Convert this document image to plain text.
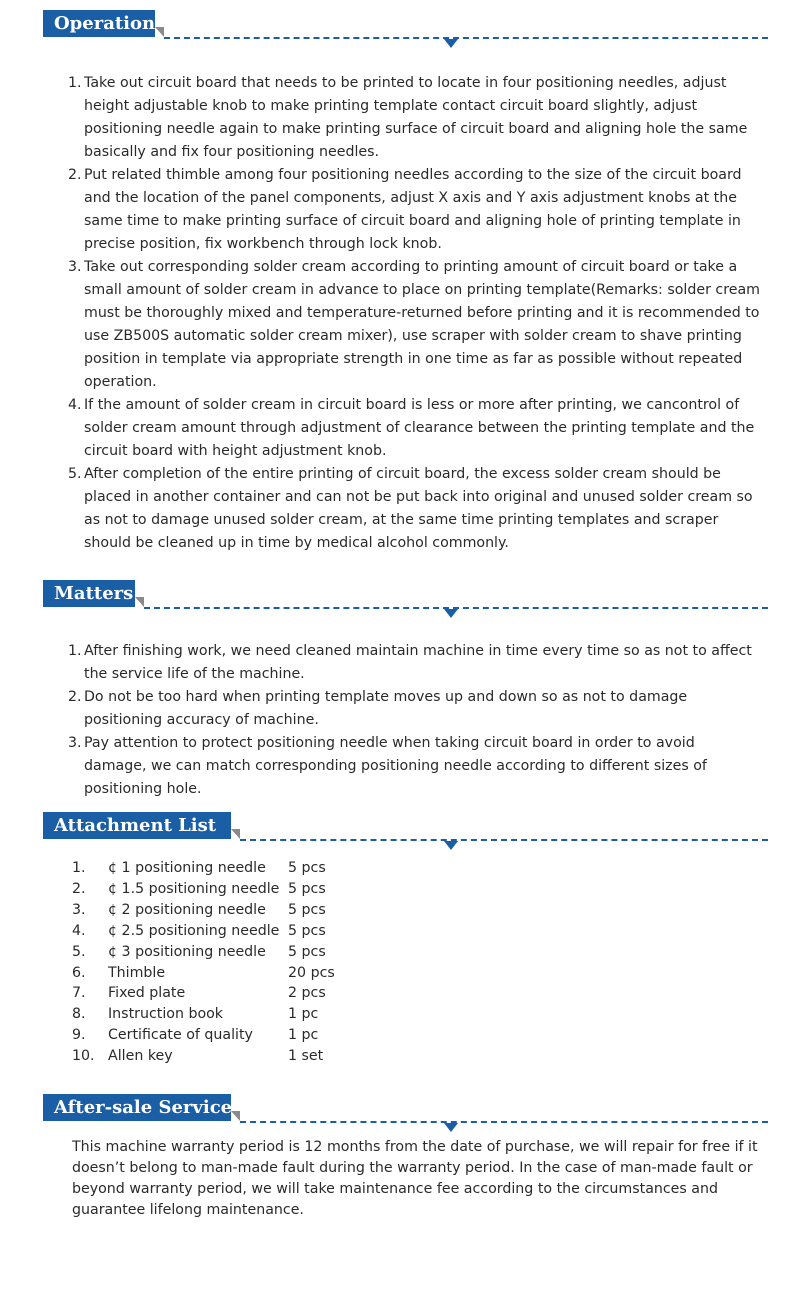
Operation
1. Take out circuit board that needs to be printed to locate in four positioning needles, adjust height adjustable knob to make printing template contact circuit board slightly, adjust positioning needle again to make printing surface of circuit board and aligning hole the same basically and fix four positioning needles.
2. Put related thimble among four positioning needles according to the size of the circuit board and the location of the panel components, adjust X axis and Y axis adjustment knobs at the same time to make printing surface of circuit board and aligning hole of printing template in precise position, fix workbench through lock knob.
3. Take out corresponding solder cream according to printing amount of circuit board or take a small amount of solder cream in advance to place on printing template(Remarks: solder cream must be thoroughly mixed and temperature-returned before printing and it is recommended to use ZB500S automatic solder cream mixer), use scraper with solder cream to shave printing position in template via appropriate strength in one time as far as possible without repeated operation.
4. If the amount of solder cream in circuit board is less or more after printing, we cancontrol of solder cream amount through adjustment of clearance between the printing template and the circuit board with height adjustment knob.
5. After completion of the entire printing of circuit board, the excess solder cream should be placed in another container and can not be put back into original and unused solder cream so as not to damage unused solder cream, at the same time printing templates and scraper should be cleaned up in time by medical alcohol commonly.
Matters
1. After finishing work, we need cleaned maintain machine in time every time so as not to affect the service life of the machine.
2. Do not be too hard when printing template moves up and down so as not to damage positioning accuracy of machine.
3. Pay attention to protect positioning needle when taking circuit board in order to avoid damage, we can match corresponding positioning needle according to different sizes of positioning hole.
Attachment List
1.	¢ 1 positioning needle	5 pcs
2.	¢ 1.5 positioning needle	5 pcs
3.	¢ 2 positioning needle	5 pcs
4.	¢ 2.5 positioning needle	5 pcs
5.	¢ 3 positioning needle	5 pcs
6.	Thimble	20 pcs
7.	Fixed plate	2 pcs
8.	Instruction book	1 pc
9.	Certificate of quality	1 pc
10.	Allen key	1 set
After-sale Service

This machine warranty period is 12 months from the date of purchase, we will repair for free if it doesn’t belong to man-made fault during the warranty period. In the case of man-made fault or beyond warranty period, we will take maintenance fee according to the circumstances and guarantee lifelong maintenance.
